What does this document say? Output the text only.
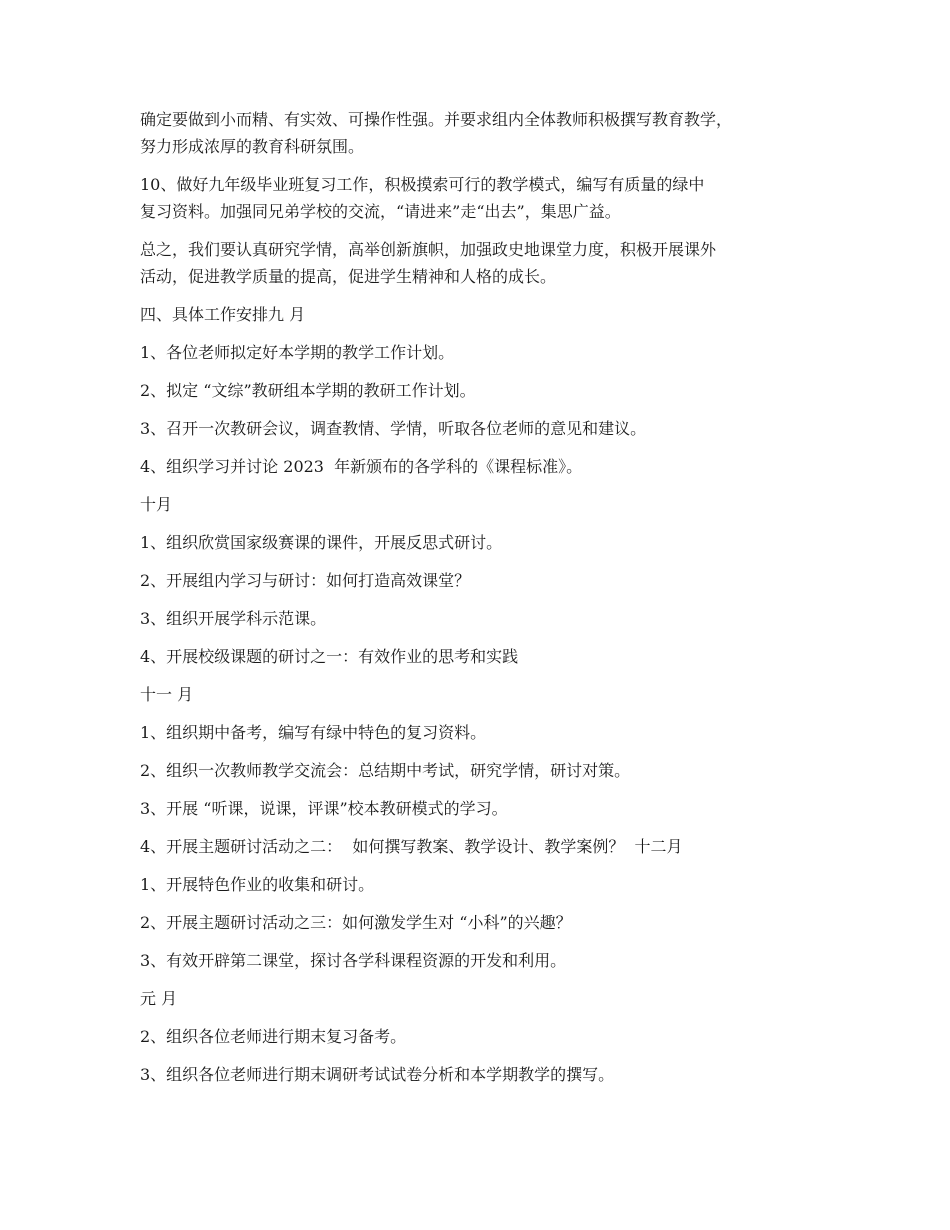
确定要做到小而精、有实效、可操作性强。并要求组内全体教师积极撰写教育教学，
努力形成浓厚的教育科研氛围。

10、做好九年级毕业班复习工作，积极摸索可行的教学模式，编写有质量的绿中
复习资料。加强同兄弟学校的交流，“请进来”走“出去”，集思广益。

总之，我们要认真研究学情，高举创新旗帜，加强政史地课堂力度，积极开展课外
活动，促进教学质量的提高，促进学生精神和人格的成长。

四、具体工作安排九 月

1、各位老师拟定好本学期的教学工作计划。

2、拟定 “文综”教研组本学期的教研工作计划。

3、召开一次教研会议，调查教情、学情，听取各位老师的意见和建议。

4、组织学习并讨论 2023  年新颁布的各学科的《课程标准》。

十月

1、组织欣赏国家级赛课的课件，开展反思式研讨。

2、开展组内学习与研讨：如何打造高效课堂？

3、组织开展学科示范课。

4、开展校级课题的研讨之一：有效作业的思考和实践

十一 月

1、组织期中备考，编写有绿中特色的复习资料。

2、组织一次教师教学交流会：总结期中考试，研究学情，研讨对策。

3、开展 “听课，说课，评课”校本教研模式的学习。

4、开展主题研讨活动之二：  如何撰写教案、教学设计、教学案例？  十二月

1、开展特色作业的收集和研讨。

2、开展主题研讨活动之三：如何激发学生对 “小科”的兴趣？

3、有效开辟第二课堂，探讨各学科课程资源的开发和利用。

元 月

2、组织各位老师进行期末复习备考。

3、组织各位老师进行期末调研考试试卷分析和本学期教学的撰写。
